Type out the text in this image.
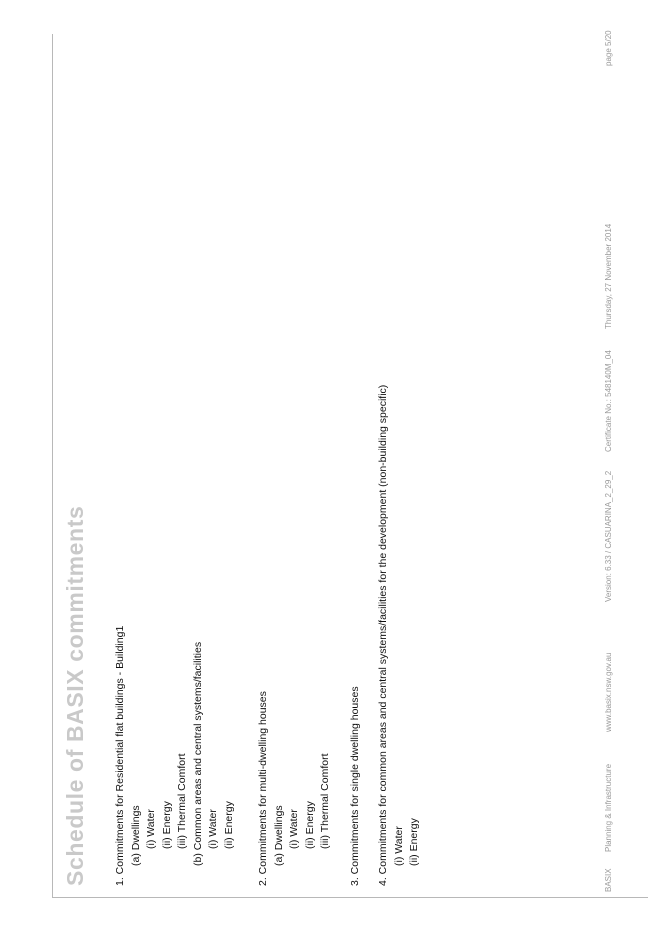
Schedule of BASIX commitments 1. Commitments for Residential flat buildings - Building1 (a) Dwellings (i) Water (ii) Energy (iii) Thermal Comfort (b) Common areas and central systems/facilities (i) Water (ii) Energy 2. Commitments for multi-dwelling houses (a) Dwellings (i) Water (ii) Energy (iii) Thermal Comfort 3. Commitments for single dwelling houses 4. Commitments for common areas and central systems/facilities for the development (non-building specific) (i) Water (ii) Energy
BASIX
Planning & Infrastructure
www.basix.nsw.gov.au
Version: 6.33 / CASUARINA_2_29_2
Certificate No.: 548140M_04
Thursday, 27 November 2014
page 5/20
